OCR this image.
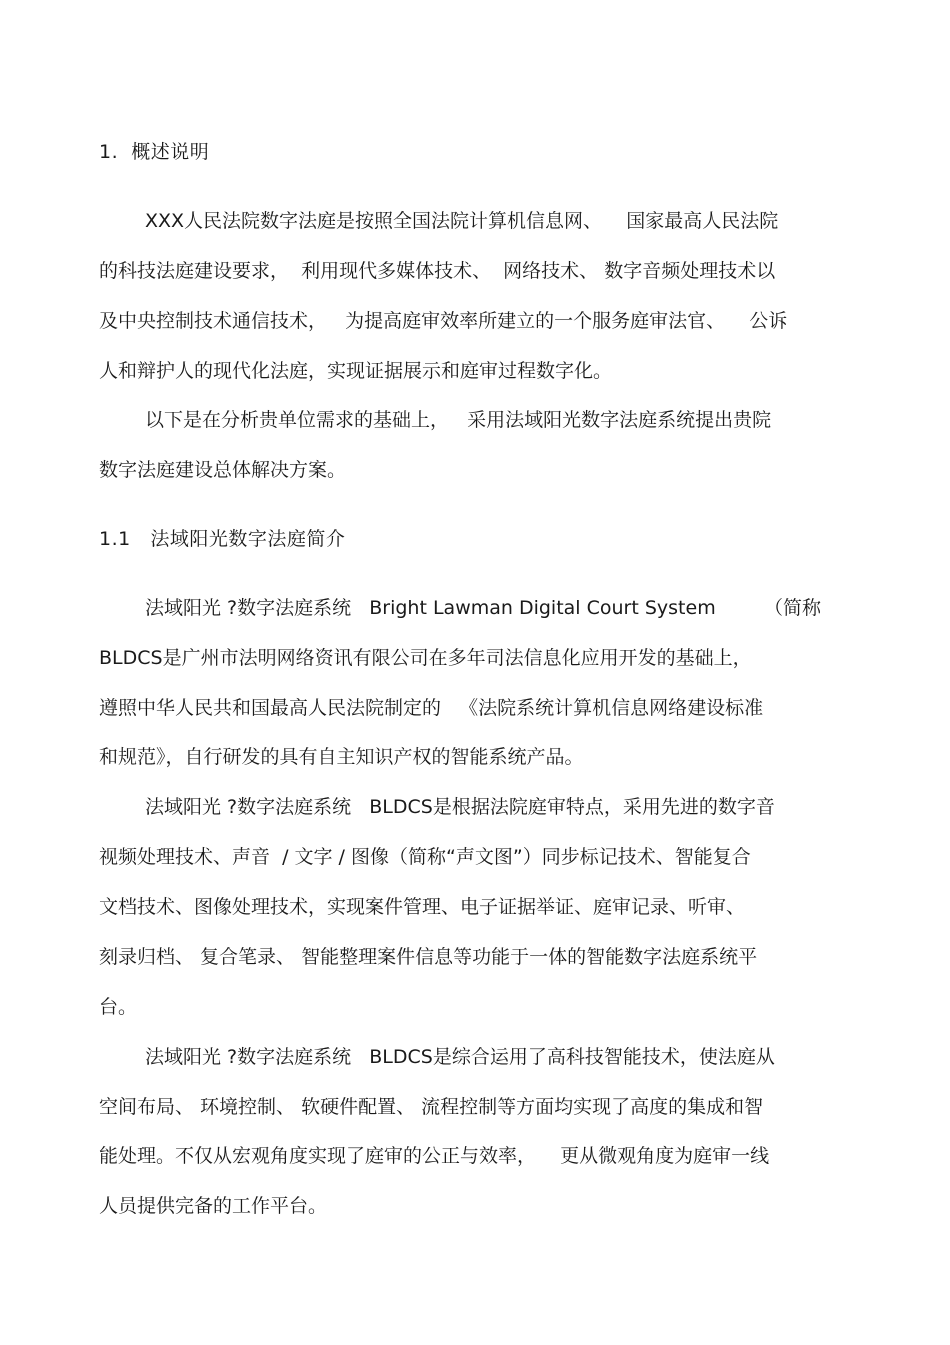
1.  概述说明

XXX人民法院数字法庭是按照全国法院计算机信息网、    国家最高人民法院

的科技法庭建设要求，  利用现代多媒体技术、  网络技术、 数字音频处理技术以

及中央控制技术通信技术，   为提高庭审效率所建立的一个服务庭审法官、    公诉

人和辩护人的现代化法庭，实现证据展示和庭审过程数字化。

以下是在分析贵单位需求的基础上，   采用法域阳光数字法庭系统提出贵院

数字法庭建设总体解决方案。

1.1   法域阳光数字法庭简介

法域阳光 ?数字法庭系统   Bright Lawman Digital Court System        （简称

BLDCS是广州市法明网络资讯有限公司在多年司法信息化应用开发的基础上，

遵照中华人民共和国最高人民法院制定的   《法院系统计算机信息网络建设标准

和规范》，自行研发的具有自主知识产权的智能系统产品。

法域阳光 ?数字法庭系统   BLDCS是根据法院庭审特点，采用先进的数字音

视频处理技术、声音  / 文字 / 图像（简称“声文图”）同步标记技术、智能复合

文档技术、图像处理技术，实现案件管理、电子证据举证、庭审记录、听审、

刻录归档、 复合笔录、 智能整理案件信息等功能于一体的智能数字法庭系统平

台。

法域阳光 ?数字法庭系统   BLDCS是综合运用了高科技智能技术，使法庭从

空间布局、 环境控制、 软硬件配置、 流程控制等方面均实现了高度的集成和智

能处理。不仅从宏观角度实现了庭审的公正与效率，    更从微观角度为庭审一线

人员提供完备的工作平台。
